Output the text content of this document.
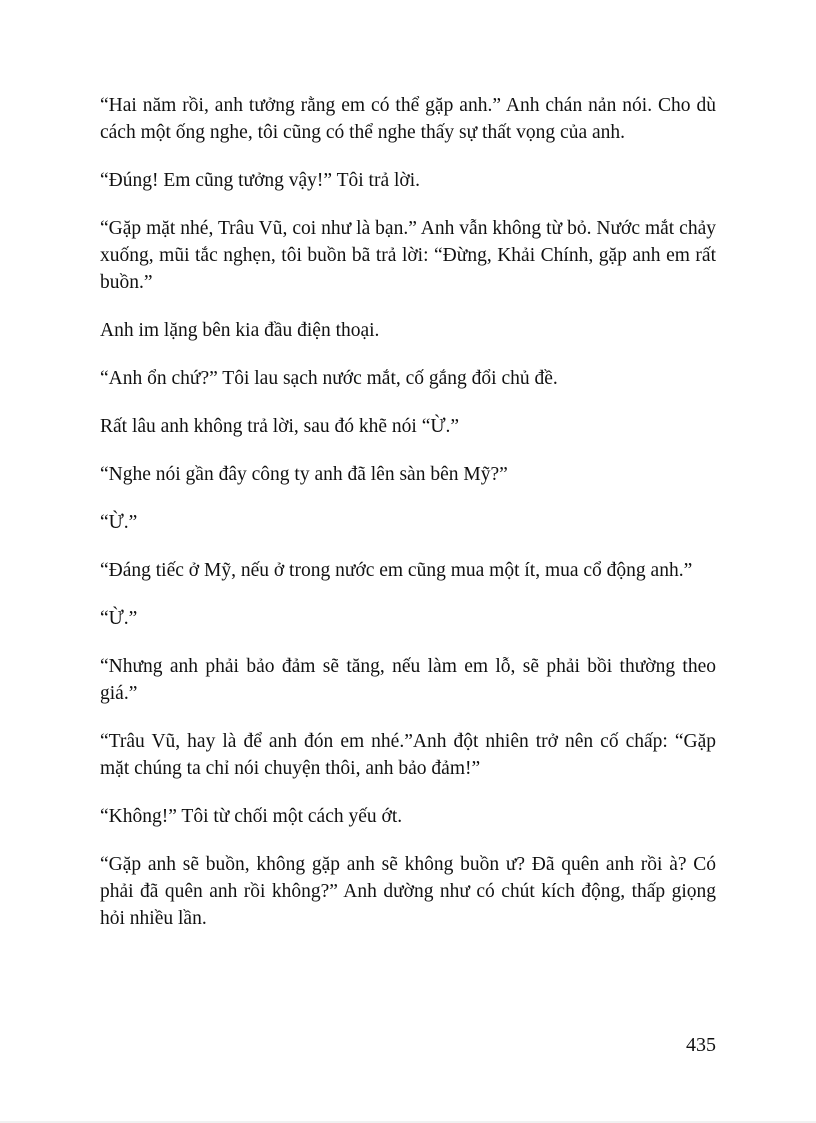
“Hai năm rồi, anh tưởng rằng em có thể gặp anh.” Anh chán nản nói. Cho dù cách một ống nghe, tôi cũng có thể nghe thấy sự thất vọng của anh.

“Đúng! Em cũng tưởng vậy!” Tôi trả lời.

“Gặp mặt nhé, Trâu Vũ, coi như là bạn.” Anh vẫn không từ bỏ. Nước mắt chảy xuống, mũi tắc nghẹn, tôi buồn bã trả lời: “Đừng, Khải Chính, gặp anh em rất buồn.”

Anh im lặng bên kia đầu điện thoại.

“Anh ổn chứ?” Tôi lau sạch nước mắt, cố gắng đổi chủ đề.

Rất lâu anh không trả lời, sau đó khẽ nói “Ừ.”

“Nghe nói gần đây công ty anh đã lên sàn bên Mỹ?”

“Ừ.”

“Đáng tiếc ở Mỹ, nếu ở trong nước em cũng mua một ít, mua cổ động anh.”

“Ừ.”

“Nhưng anh phải bảo đảm sẽ tăng, nếu làm em lỗ, sẽ phải bồi thường theo giá.”

“Trâu Vũ, hay là để anh đón em nhé.”Anh đột nhiên trở nên cố chấp: “Gặp mặt chúng ta chỉ nói chuyện thôi, anh bảo đảm!”

“Không!” Tôi từ chối một cách yếu ớt.

“Gặp anh sẽ buồn, không gặp anh sẽ không buồn ư? Đã quên anh rồi à? Có phải đã quên anh rồi không?” Anh dường như có chút kích động, thấp giọng hỏi nhiều lần.

435
